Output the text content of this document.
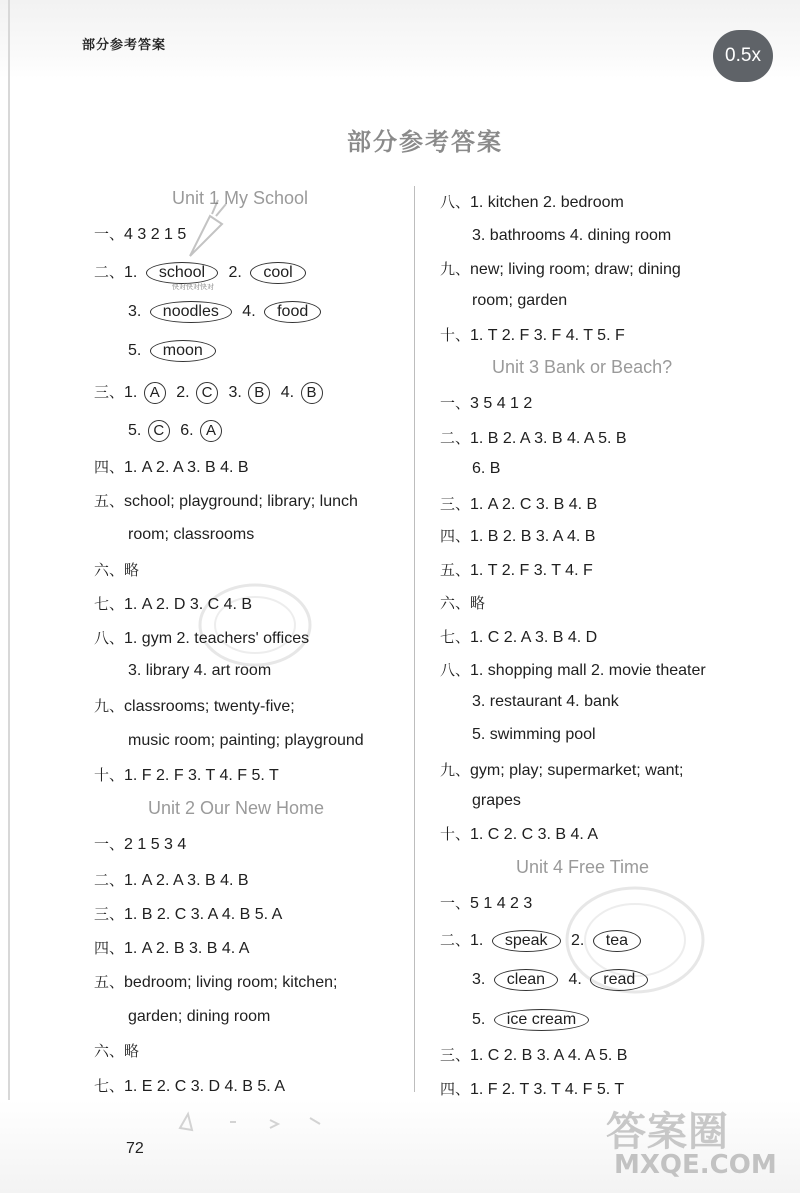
部分参考答案	0.5x
部分参考答案
Unit 1 My School
一、4 3 2 1 5
二、1. school 2. cool
快对快对快对
3. noodles 4. food
5. moon
三、1. A 2. C 3. B 4. B
5. C 6. A
四、1. A 2. A 3. B 4. B
五、school; playground; library; lunch
room; classrooms
六、略
七、1. A 2. D 3. C 4. B
八、1. gym 2. teachers' offices
3. library 4. art room
九、classrooms; twenty-five;
music room; painting; playground
十、1. F 2. F 3. T 4. F 5. T
Unit 2 Our New Home
一、2 1 5 3 4
二、1. A 2. A 3. B 4. B
三、1. B 2. C 3. A 4. B 5. A
四、1. A 2. B 3. B 4. A
五、bedroom; living room; kitchen;
garden; dining room
六、略
七、1. E 2. C 3. D 4. B 5. A
八、1. kitchen 2. bedroom
3. bathrooms 4. dining room
九、new; living room; draw; dining
room; garden
十、1. T 2. F 3. F 4. T 5. F
Unit 3 Bank or Beach?
一、3 5 4 1 2
二、1. B 2. A 3. B 4. A 5. B
6. B
三、1. A 2. C 3. B 4. B
四、1. B 2. B 3. A 4. B
五、1. T 2. F 3. T 4. F
六、略
七、1. C 2. A 3. B 4. D
八、1. shopping mall 2. movie theater
3. restaurant 4. bank
5. swimming pool
九、gym; play; supermarket; want;
grapes
十、1. C 2. C 3. B 4. A
Unit 4 Free Time
一、5 1 4 2 3
二、1. speak 2. tea
3. clean 4. read
5. ice cream
三、1. C 2. B 3. A 4. A 5. B
四、1. F 2. T 3. T 4. F 5. T
72	答案圈
MXQE.COM
